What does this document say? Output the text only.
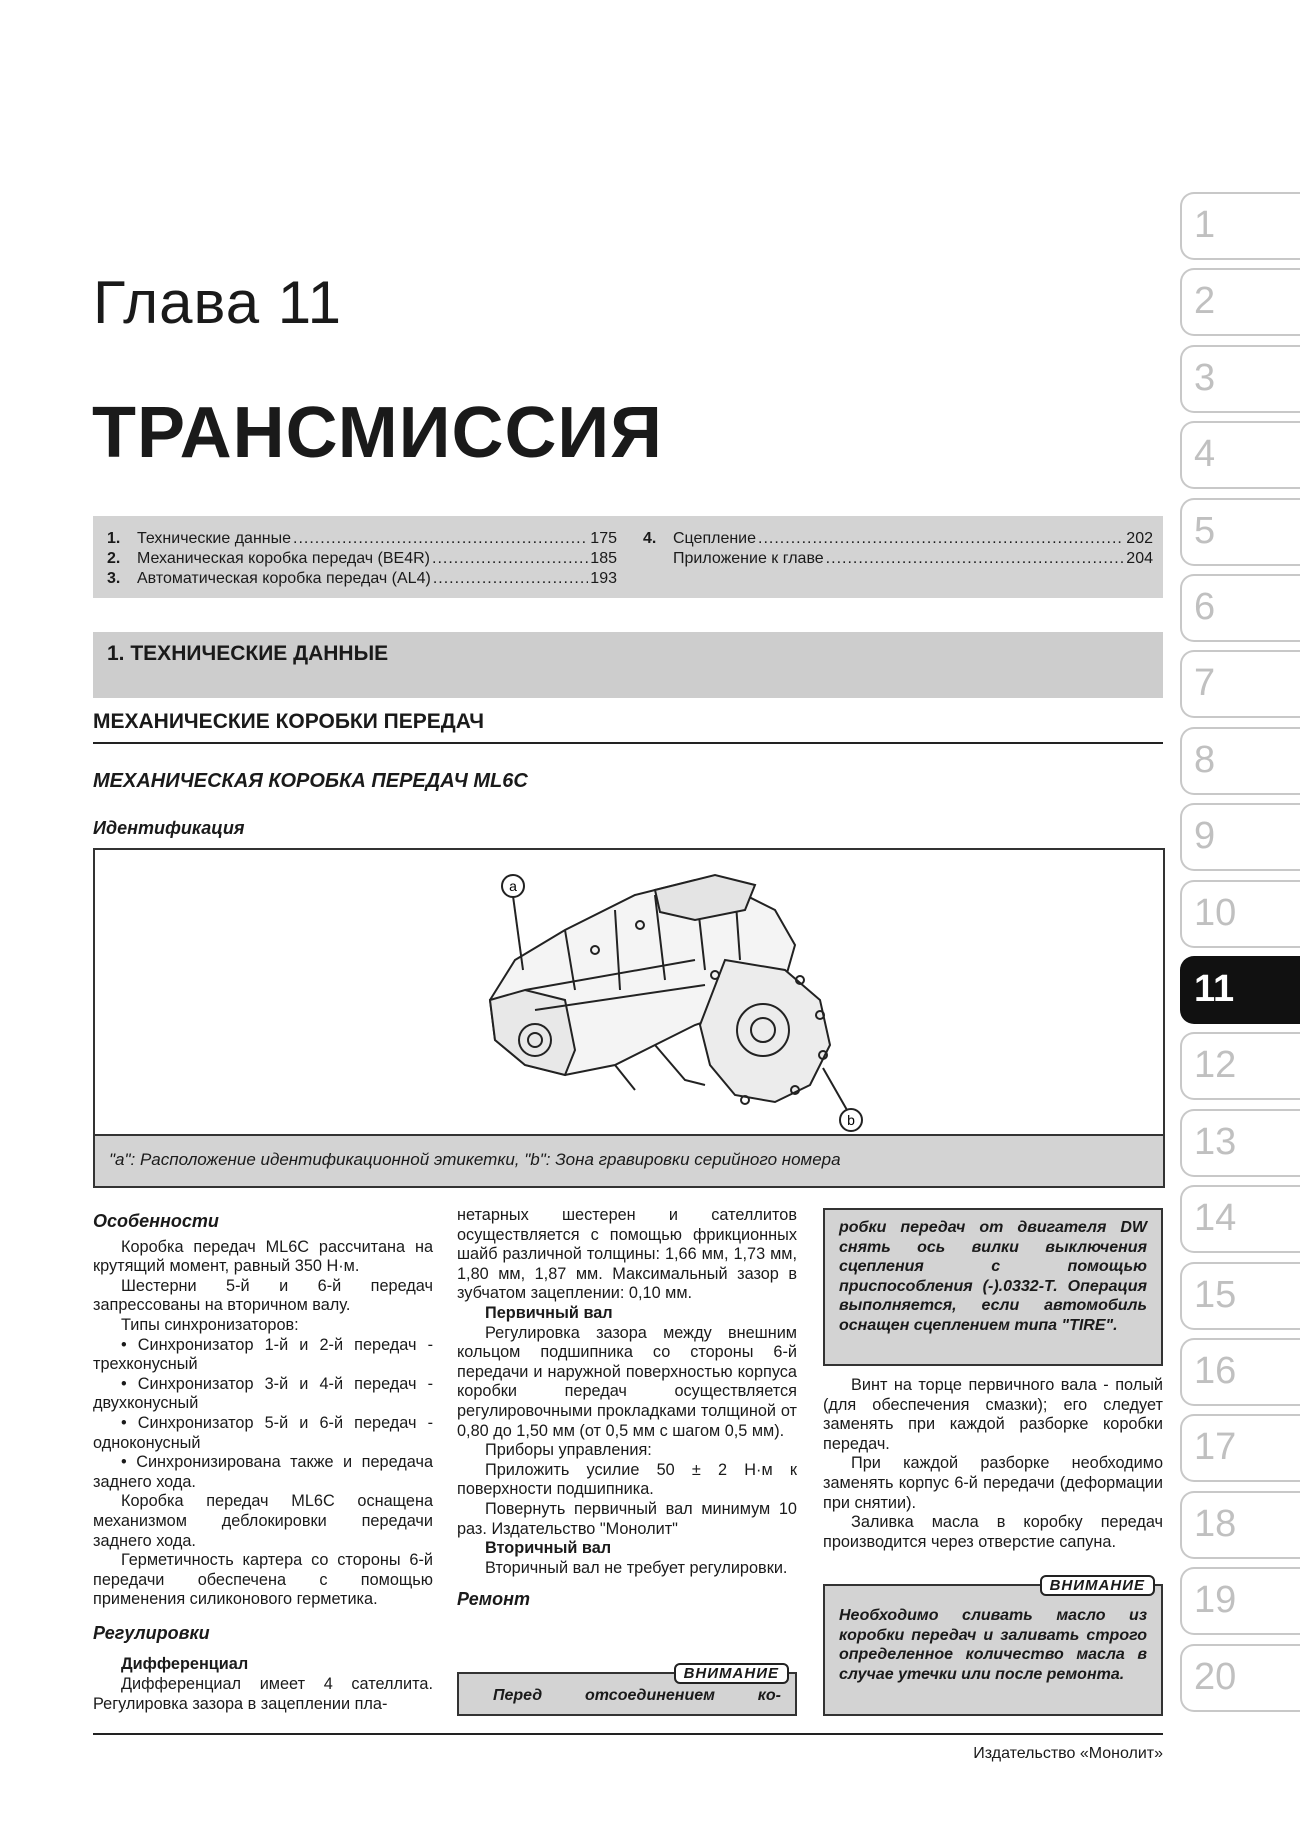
Глава 11
ТРАНСМИССИЯ
1.	Технические данные .....	175
2.	Механическая коробка передач (BE4R) .....	185
3.	Автоматическая коробка передач (AL4) .....	193
4.	Сцепление .....	202
Приложение к главе .....	204
1. ТЕХНИЧЕСКИЕ ДАННЫЕ
МЕХАНИЧЕСКИЕ КОРОБКИ ПЕРЕДАЧ
МЕХАНИЧЕСКАЯ КОРОБКА ПЕРЕДАЧ ML6C
Идентификация
a
b
"a": Расположение идентификационной этикетки, "b": Зона гравировки серийного номера

Особенности

Коробка передач ML6C рассчитана на крутящий момент, равный 350 Н·м.

Шестерни 5-й и 6-й передач запрессованы на вторичном валу.

Типы синхронизаторов:

• Синхронизатор 1-й и 2-й передач - трехконусный

• Синхронизатор 3-й и 4-й передач - двухконусный

• Синхронизатор 5-й и 6-й передач - одноконусный

• Синхронизирована также и передача заднего хода.

Коробка передач ML6C оснащена механизмом деблокировки передачи заднего хода.

Герметичность картера со стороны 6-й передачи обеспечена с помощью применения силиконового герметика.

Регулировки

Дифференциал

Дифференциал имеет 4 сателлита. Регулировка зазора в зацеплении пла-

нетарных шестерен и сателлитов осуществляется с помощью фрикционных шайб различной толщины: 1,66 мм, 1,73 мм, 1,80 мм, 1,87 мм. Максимальный зазор в зубчатом зацеплении: 0,10 мм.

Первичный вал

Регулировка зазора между внешним кольцом подшипника со стороны 6-й передачи и наружной поверхностью корпуса коробки передач осуществляется регулировочными прокладками толщиной от 0,80 до 1,50 мм (от 0,5 мм с шагом 0,5 мм).

Приборы управления:

Приложить усилие 50 ± 2 Н·м к поверхности подшипника.

Повернуть первичный вал минимум 10 раз. Издательство "Монолит"

Вторичный вал

Вторичный вал не требует регулировки.

Ремонт

ВНИМАНИЕ
Перед отсоединением ко-
робки передач от двигателя DW снять ось вилки выключения сцепления с помощью приспособления (-).0332-Т. Операция выполняется, если автомобиль оснащен сцеплением типа "TIRE".

Винт на торце первичного вала - полый (для обеспечения смазки); его следует заменять при каждой разборке коробки передач.

При каждой разборке необходимо заменять корпус 6-й передачи (деформации при снятии).

Заливка масла в коробку передач производится через отверстие сапуна.

ВНИМАНИЕ
Необходимо сливать масло из коробки передач и заливать строго определенное количество масла в случае утечки или после ремонта.
Издательство «Монолит»
1
2
3
4
5
6
7
8
9
10
11
12
13
14
15
16
17
18
19
20
